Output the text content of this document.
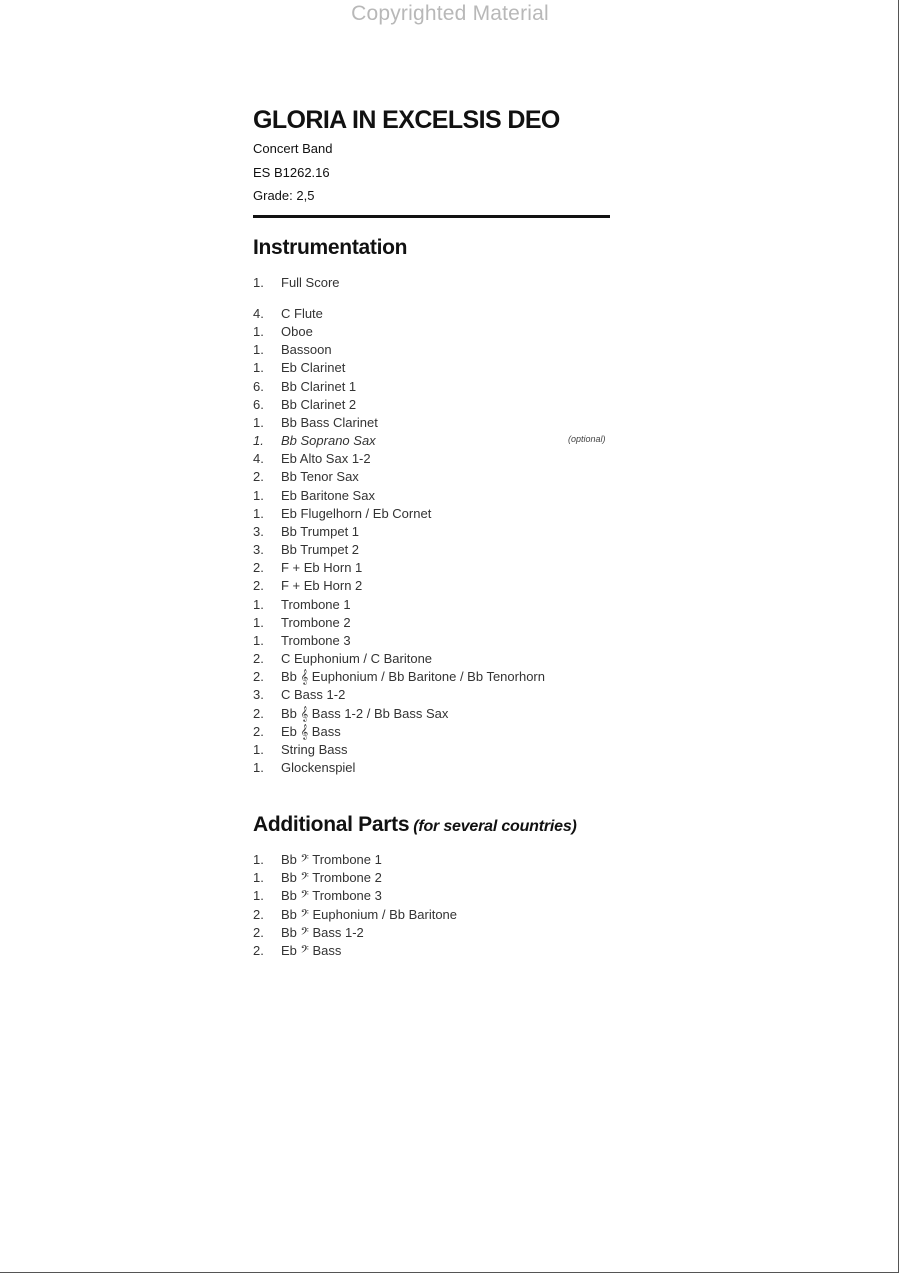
Copyrighted Material
GLORIA IN EXCELSIS DEO
Concert Band
ES B1262.16
Grade: 2,5
Instrumentation
1. Full Score
4. C Flute
1. Oboe
1. Bassoon
1. Eb Clarinet
6. Bb Clarinet 1
6. Bb Clarinet 2
1. Bb Bass Clarinet
1. Bb Soprano Sax
4. Eb Alto Sax 1-2
2. Bb Tenor Sax
1. Eb Baritone Sax
1. Eb Flugelhorn / Eb Cornet
3. Bb Trumpet 1
3. Bb Trumpet 2
2. F + Eb Horn 1
2. F + Eb Horn 2
1. Trombone 1
1. Trombone 2
1. Trombone 3
2. C Euphonium / C Baritone
2. Bb 𝄞 Euphonium / Bb Baritone / Bb Tenorhorn
3. C Bass 1-2
2. Bb 𝄞 Bass 1-2 / Bb Bass Sax
2. Eb 𝄞 Bass
1. String Bass
1. Glockenspiel
(optional)
Additional Parts (for several countries)
1. Bb 𝄢 Trombone 1
1. Bb 𝄢 Trombone 2
1. Bb 𝄢 Trombone 3
2. Bb 𝄢 Euphonium / Bb Baritone
2. Bb 𝄢 Bass 1-2
2. Eb 𝄢 Bass
